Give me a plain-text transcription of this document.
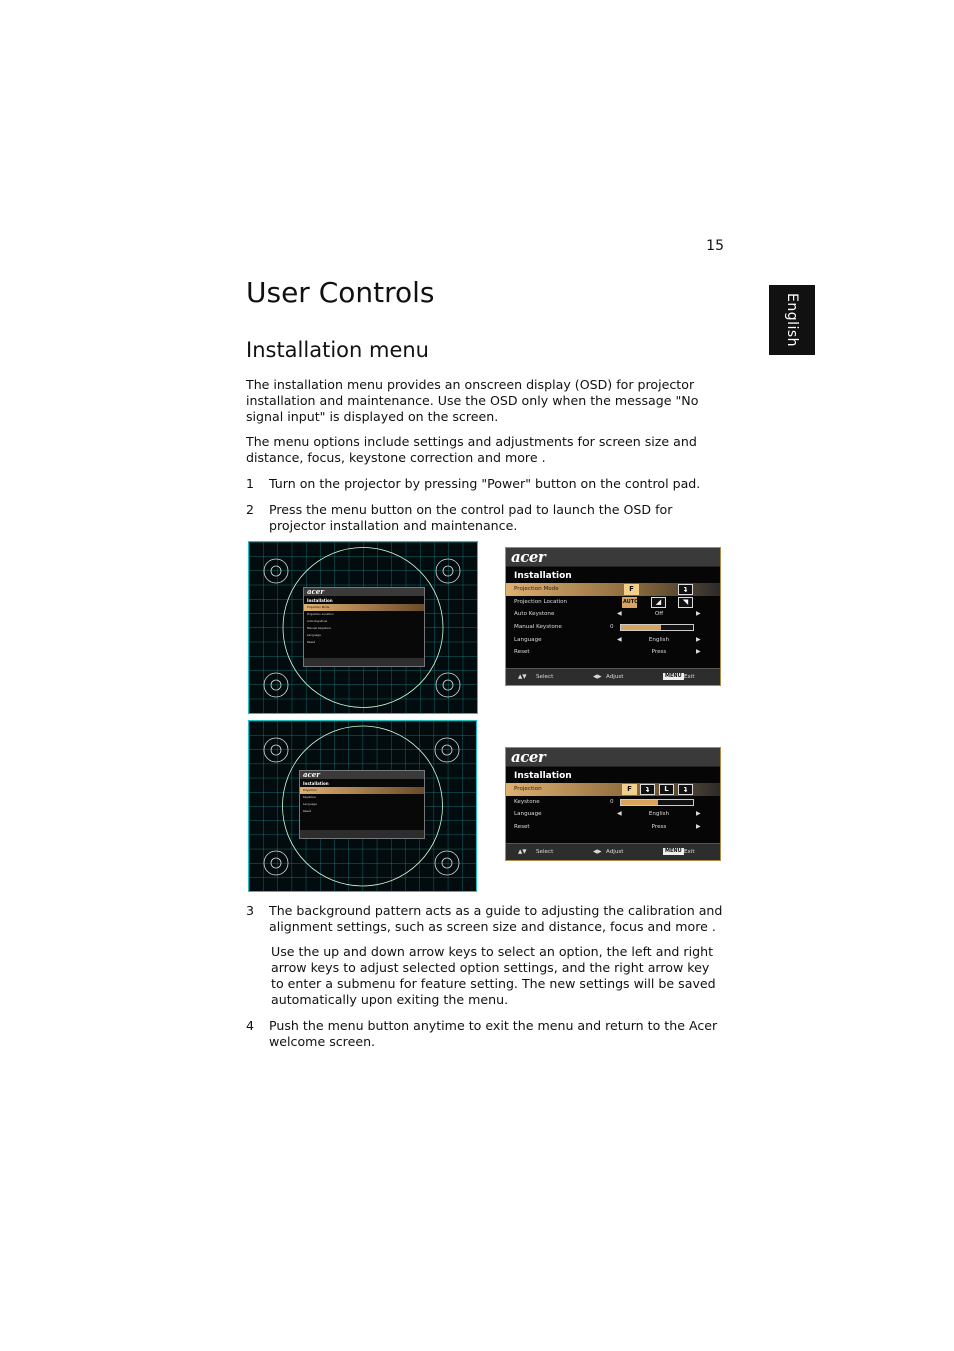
15
English
User Controls
Installation menu

The installation menu provides an onscreen display (OSD) for projector installation and maintenance. Use the OSD only when the message "No signal input" is displayed on the screen.

The menu options include settings and adjustments for screen size and distance, focus, keystone correction and more .

1	Turn on the projector by pressing "Power" button on the control pad.
2	Press the menu button on the control pad to launch the OSD for projector installation and maintenance.
acer
Installation
Projection Mode
Projection Location
Auto Keystone
Manual Keystone
Language
Reset
acer
Installation
Projection Mode	F	ʇ
Projection Location	AUTO	◢	◥
Auto Keystone	◀	Off	▶
Manual Keystone	0
Language	◀	English	▶
Reset	Press	▶
▲▼ Select	◀▶ Adjust	MENU Exit
acer
Installation
Projection
Keystone
Language
Reset
acer
Installation
Projection	F	ʇ	L	ʇ
Keystone	0
Language	◀	English	▶
Reset	Press	▶
▲▼ Select	◀▶ Adjust	MENU Exit
3	The background pattern acts as a guide to adjusting the calibration and alignment settings, such as screen size and distance, focus and more .

Use the up and down arrow keys to select an option, the left and right arrow keys to adjust selected option settings, and the right arrow key to enter a submenu for feature setting. The new settings will be saved automatically upon exiting the menu.

4	Push the menu button anytime to exit the menu and return to the Acer welcome screen.
